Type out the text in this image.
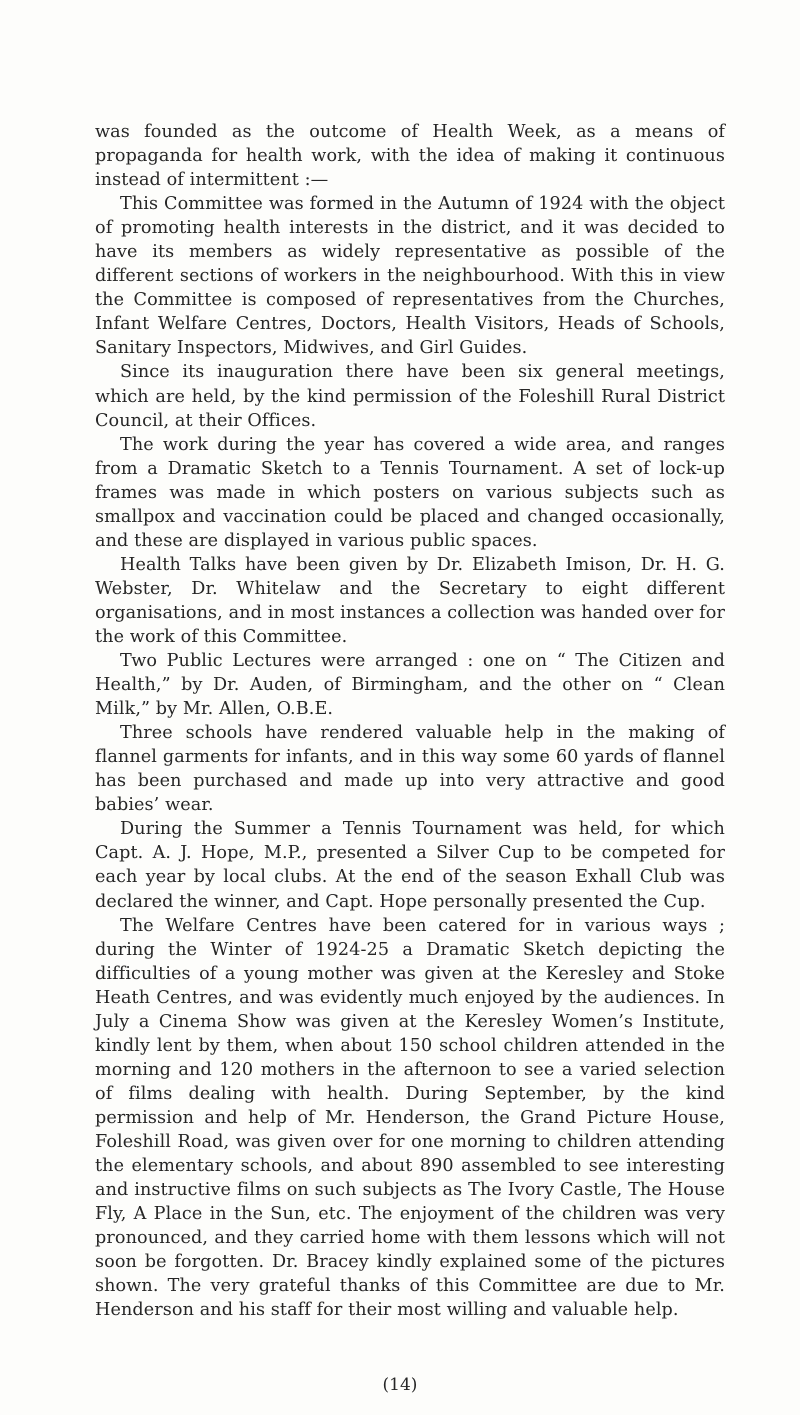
was founded as the outcome of Health Week, as a means of propaganda for health work, with the idea of making it continuous instead of intermittent :—

This Committee was formed in the Autumn of 1924 with the object of promoting health interests in the district, and it was decided to have its members as widely representative as possible of the different sections of workers in the neighbourhood. With this in view the Committee is composed of representatives from the Churches, Infant Welfare Centres, Doctors, Health Visitors, Heads of Schools, Sanitary Inspectors, Midwives, and Girl Guides.

Since its inauguration there have been six general meetings, which are held, by the kind permission of the Foleshill Rural District Council, at their Offices.

The work during the year has covered a wide area, and ranges from a Dramatic Sketch to a Tennis Tournament. A set of lock-up frames was made in which posters on various subjects such as smallpox and vaccination could be placed and changed occasionally, and these are displayed in various public spaces.

Health Talks have been given by Dr. Elizabeth Imison, Dr. H. G. Webster, Dr. Whitelaw and the Secretary to eight different organisations, and in most instances a collection was handed over for the work of this Committee.

Two Public Lectures were arranged : one on “ The Citizen and Health,” by Dr. Auden, of Birmingham, and the other on “ Clean Milk,” by Mr. Allen, O.B.E.

Three schools have rendered valuable help in the making of flannel garments for infants, and in this way some 60 yards of flannel has been purchased and made up into very attractive and good babies’ wear.

During the Summer a Tennis Tournament was held, for which Capt. A. J. Hope, M.P., presented a Silver Cup to be competed for each year by local clubs. At the end of the season Exhall Club was declared the winner, and Capt. Hope personally presented the Cup.

The Welfare Centres have been catered for in various ways ; during the Winter of 1924-25 a Dramatic Sketch depicting the difficulties of a young mother was given at the Keresley and Stoke Heath Centres, and was evidently much enjoyed by the audiences. In July a Cinema Show was given at the Keresley Women’s Institute, kindly lent by them, when about 150 school children attended in the morning and 120 mothers in the afternoon to see a varied selection of films dealing with health. During September, by the kind permission and help of Mr. Henderson, the Grand Picture House, Foleshill Road, was given over for one morning to children attending the elementary schools, and about 890 assembled to see interesting and instructive films on such subjects as The Ivory Castle, The House Fly, A Place in the Sun, etc. The enjoyment of the children was very pronounced, and they carried home with them lessons which will not soon be forgotten. Dr. Bracey kindly explained some of the pictures shown. The very grateful thanks of this Committee are due to Mr. Henderson and his staff for their most willing and valuable help.

(14)
